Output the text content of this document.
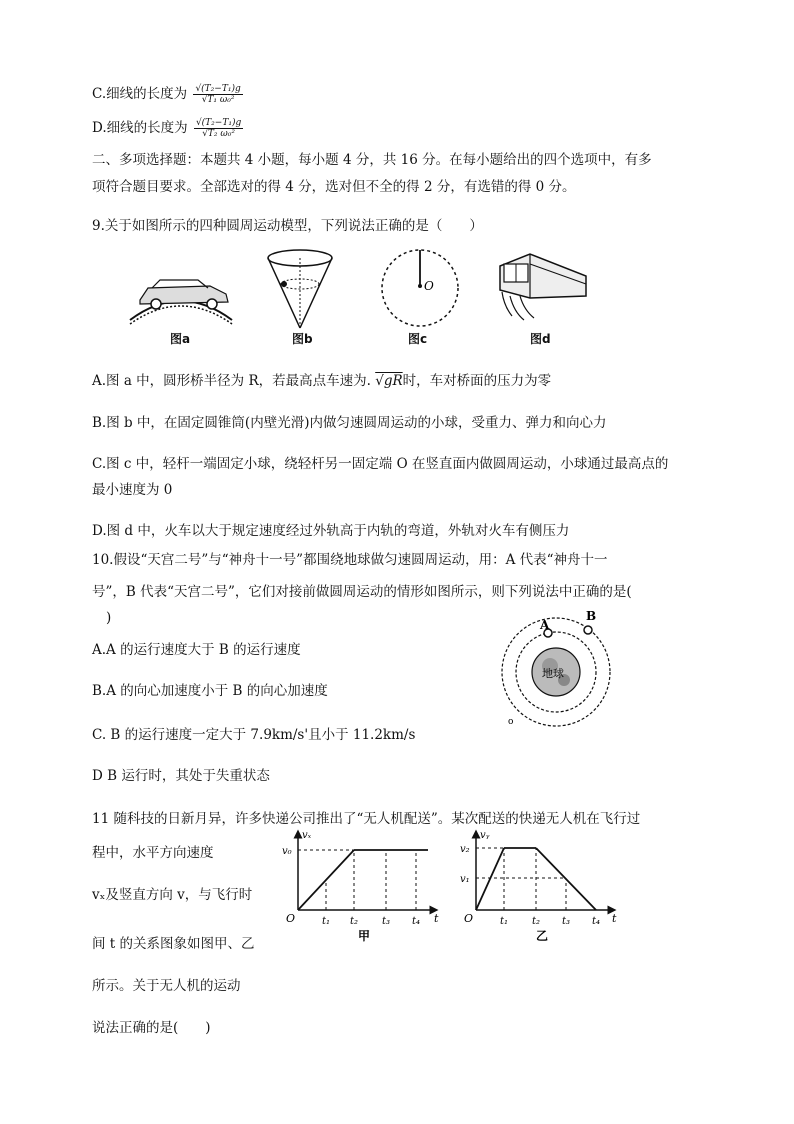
C.细线的长度为 $\frac{\text{√(T₂−T₁)g}}{\text{√T₁ ω₀²}}$
D.细线的长度为 $\frac{\text{√(T₂−T₁)g}}{\text{√T₂ ω₀²}}$
二、多项选择题：本题共 4 小题，每小题 4 分，共 16 分。在每小题给出的四个选项中，有多
项符合题目要求。全部选对的得 4 分，选对但不全的得 2 分，有选错的得 0 分。
9.关于如图所示的四种圆周运动模型，下列说法正确的是（　　）
O
图a	图b	图c	图d
A.图 a 中，圆形桥半径为 R，若最高点车速为. √gR时，车对桥面的压力为零
B.图 b 中，在固定圆锥筒(内壁光滑)内做匀速圆周运动的小球，受重力、弹力和向心力
C.图 c 中，轻杆一端固定小球，绕轻杆另一固定端 O 在竖直面内做圆周运动，小球通过最高点的
最小速度为 0
D.图 d 中，火车以大于规定速度经过外轨高于内轨的弯道，外轨对火车有侧压力
10.假设“天宫二号”与“神舟十一号”都围绕地球做匀速圆周运动，用：A 代表“神舟十一
号”，B 代表“天宫二号”，它们对接前做圆周运动的情形如图所示，则下列说法中正确的是(
)
地球
A
B
o
A.A 的运行速度大于 B 的运行速度
B.A 的向心加速度小于 B 的向心加速度
C. B 的运行速度一定大于 7.9km/s'且小于 11.2km/s
D B 运行时，其处于失重状态
11 随科技的日新月异，许多快递公司推出了“无人机配送”。某次配送的快递无人机在飞行过
程中，水平方向速度
vₓ及竖直方向 v，与飞行时
间 t 的关系图象如图甲、乙
所示。关于无人机的运动
说法正确的是(　　)
vₓ
v₀
O	t
t₁ t₂ t₃ t₄
甲
vᵧ
v₂
v₁
O	t
t₁ t₂ t₃ t₄
乙
